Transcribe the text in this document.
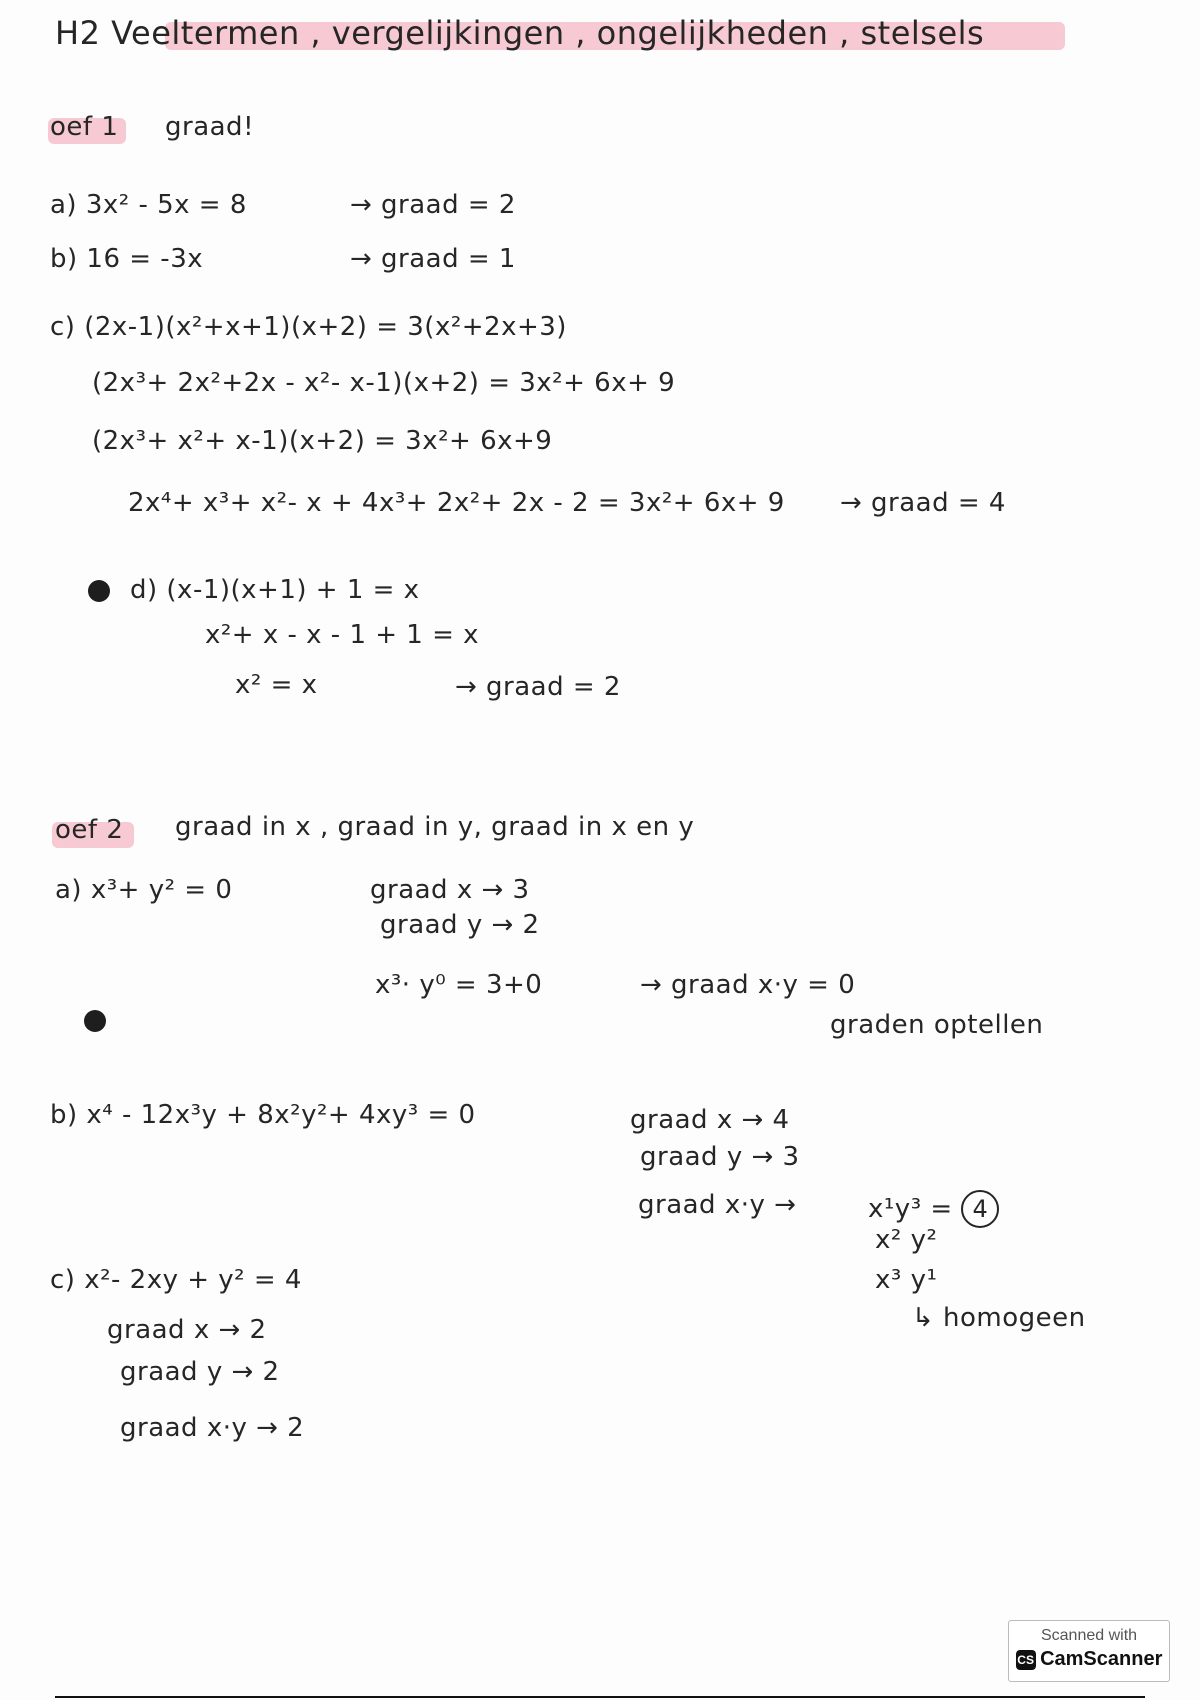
H2 Veeltermen , vergelijkingen , ongelijkheden , stelsels
oef 1 graad!
a) 3x² - 5x = 8	→ graad = 2
b) 16 = -3x	→ graad = 1
c) (2x-1)(x²+x+1)(x+2) = 3(x²+2x+3)
(2x³+ 2x²+2x - x²- x-1)(x+2) = 3x²+ 6x+ 9
(2x³+ x²+ x-1)(x+2) = 3x²+ 6x+9
2x⁴+ x³+ x²- x + 4x³+ 2x²+ 2x - 2 = 3x²+ 6x+ 9 → graad = 4
d) (x-1)(x+1) + 1 = x
x²+ x - x - 1 + 1 = x
x² = x	→ graad = 2
oef 2 graad in x , graad in y, graad in x en y
a) x³+ y² = 0	graad x → 3
graad y → 2
x³· y⁰ = 3+0	→ graad x·y = 0
graden optellen
b) x⁴ - 12x³y + 8x²y²+ 4xy³ = 0	graad x → 4
graad y → 3
graad x·y →	x¹y³ = 4
x² y²
x³ y¹
↳ homogeen
c) x²- 2xy + y² = 4
graad x → 2
graad y → 2
graad x·y → 2
Scanned with
CS CamScanner
